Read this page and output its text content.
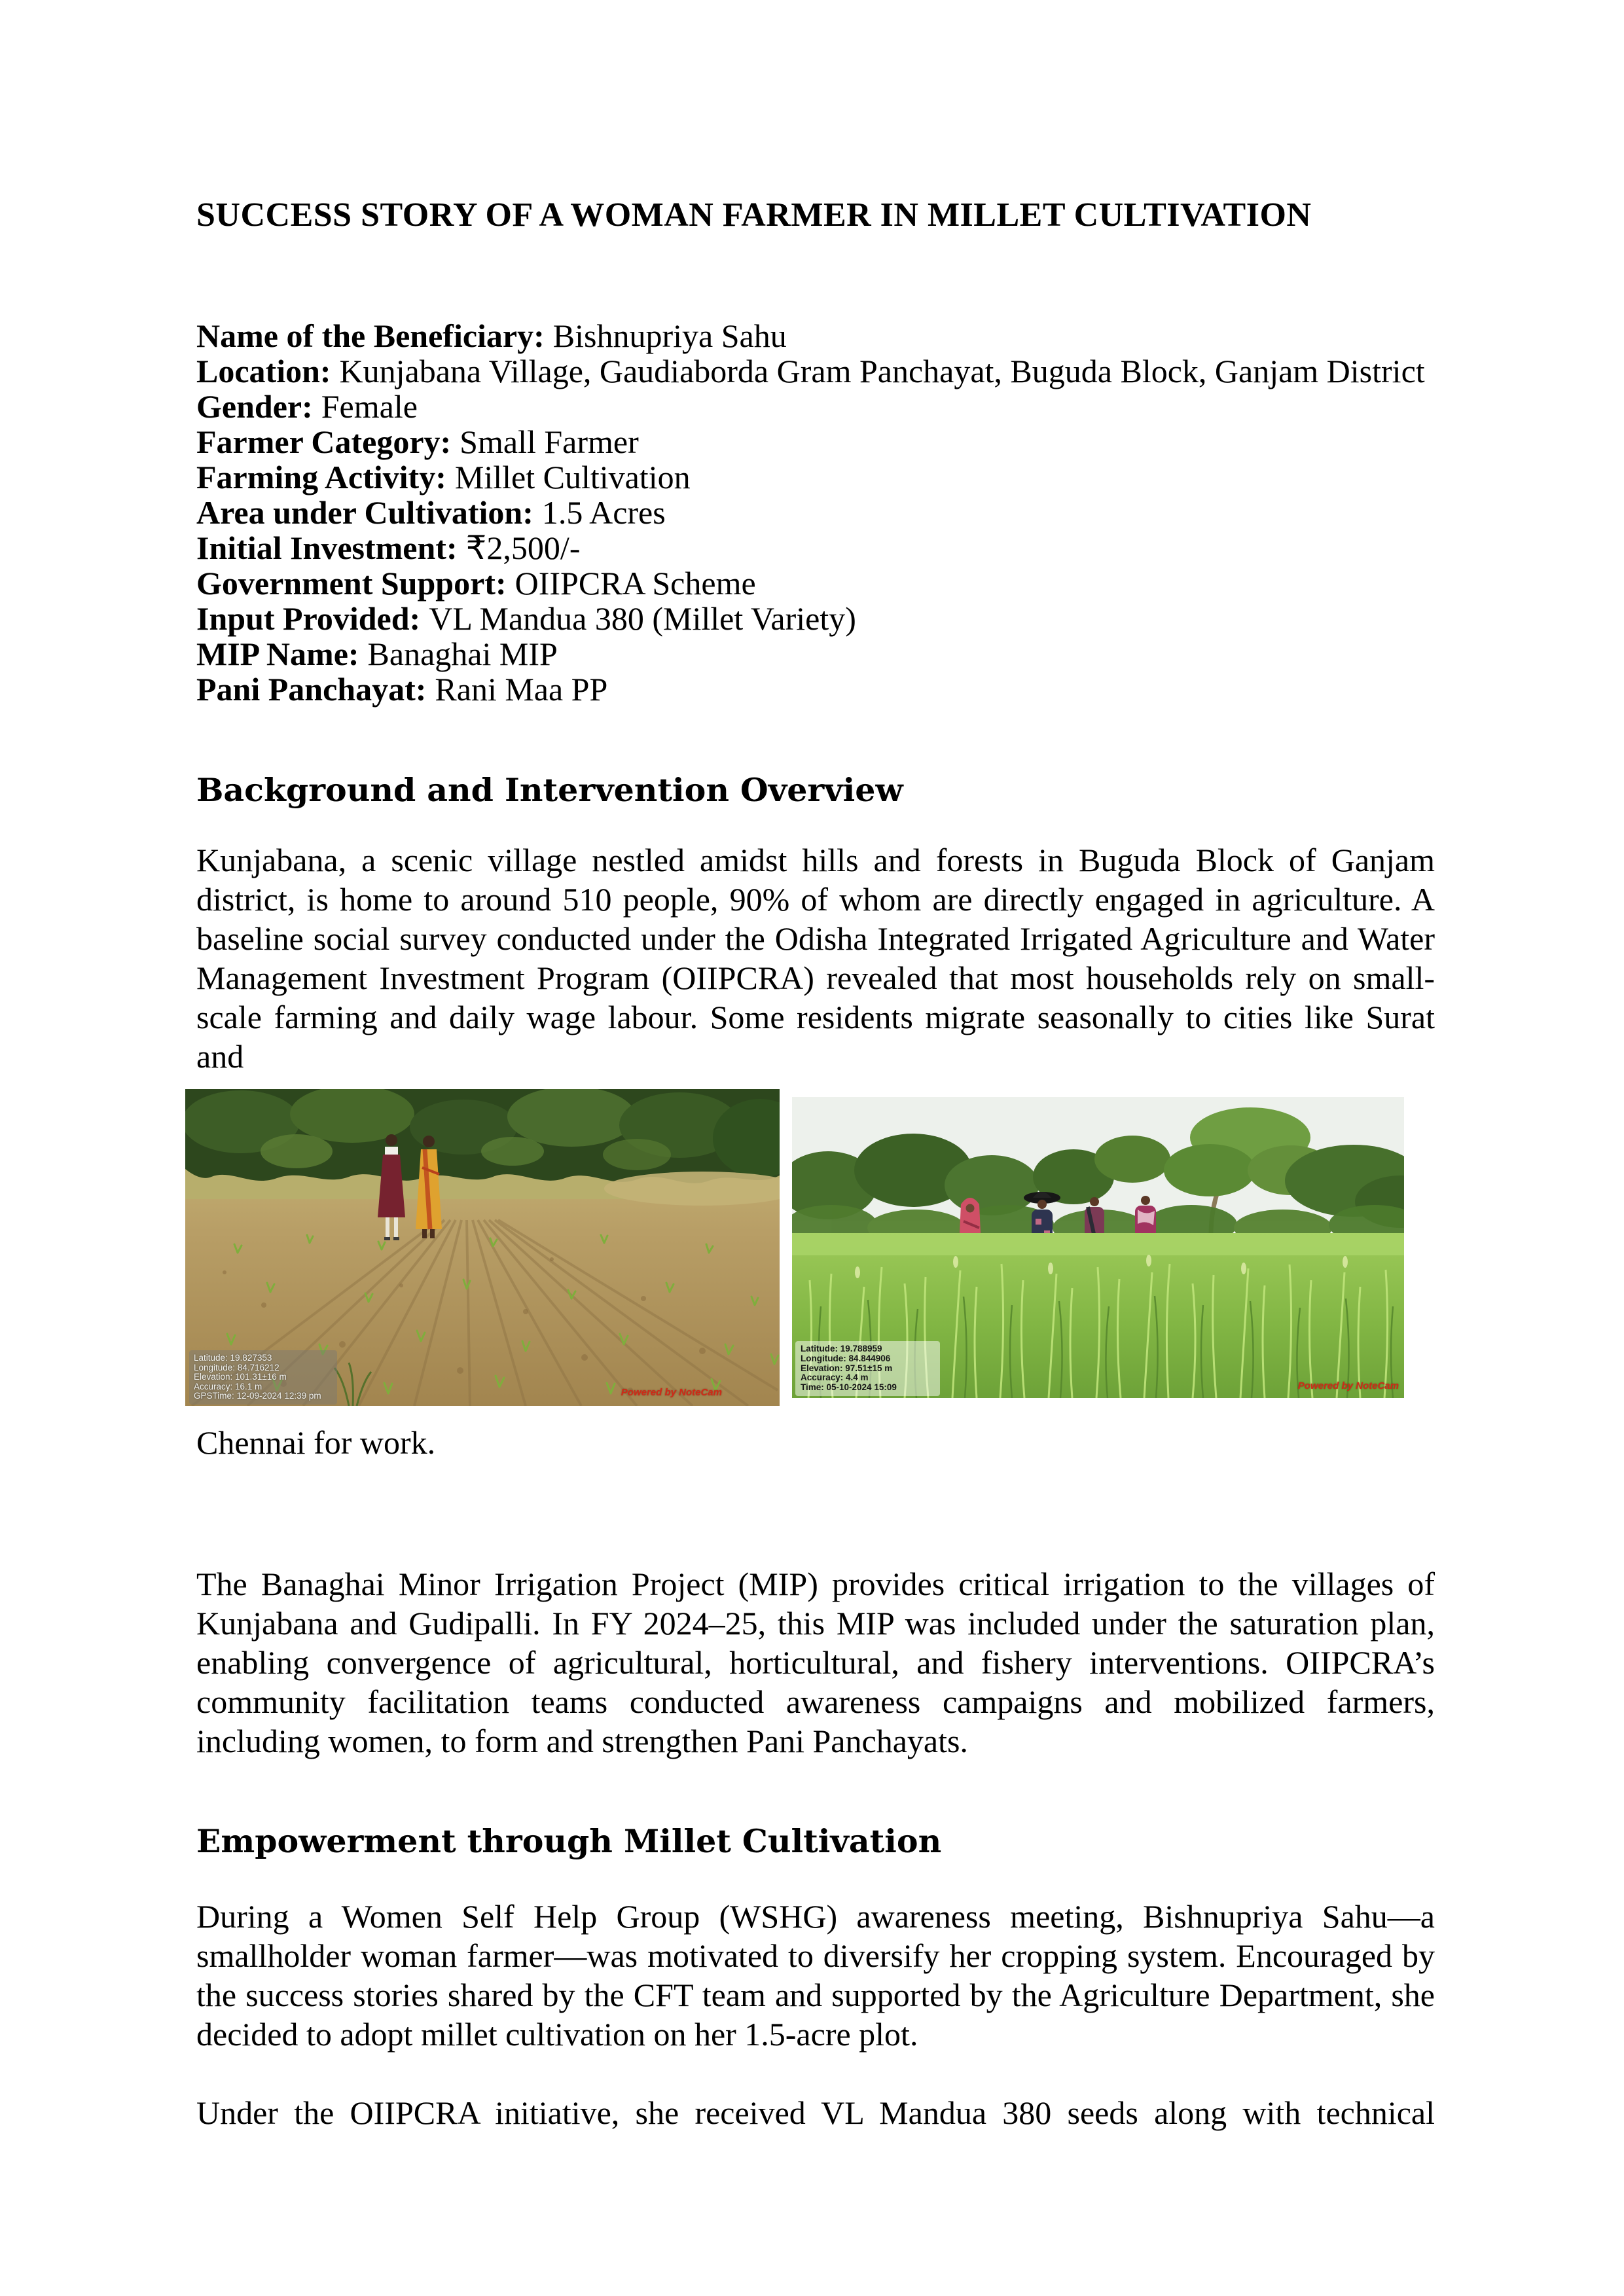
SUCCESS STORY OF A WOMAN FARMER IN MILLET CULTIVATION
Name of the Beneficiary: Bishnupriya Sahu
Location: Kunjabana Village, Gaudiaborda Gram Panchayat, Buguda Block, Ganjam District
Gender: Female
Farmer Category: Small Farmer
Farming Activity: Millet Cultivation
Area under Cultivation: 1.5 Acres
Initial Investment: ₹2,500/-
Government Support: OIIPCRA Scheme
Input Provided: VL Mandua 380 (Millet Variety)
MIP Name: Banaghai MIP
Pani Panchayat: Rani Maa PP
Background and Intervention Overview
Kunjabana, a scenic village nestled amidst hills and forests in Buguda Block of Ganjam district, is home to around 510 people, 90% of whom are directly engaged in agriculture. A baseline social survey conducted under the Odisha Integrated Irrigated Agriculture and Water Management Investment Program (OIIPCRA) revealed that most households rely on small-scale farming and daily wage labour. Some residents migrate seasonally to cities like Surat and
Latitude: 19.827353
Longitude: 84.716212
Elevation: 101.31±16 m
Accuracy: 16.1 m
GPSTime: 12-09-2024 12:39 pm	Powered by NoteCam

Latitude: 19.788959
Longitude: 84.844906
Elevation: 97.51±15 m
Accuracy: 4.4 m
Time: 05-10-2024 15:09	Powered by NoteCam
Chennai for work.
The Banaghai Minor Irrigation Project (MIP) provides critical irrigation to the villages of Kunjabana and Gudipalli. In FY 2024–25, this MIP was included under the saturation plan, enabling convergence of agricultural, horticultural, and fishery interventions. OIIPCRA’s community facilitation teams conducted awareness campaigns and mobilized farmers, including women, to form and strengthen Pani Panchayats.
Empowerment through Millet Cultivation
During a Women Self Help Group (WSHG) awareness meeting, Bishnupriya Sahu—a smallholder woman farmer—was motivated to diversify her cropping system. Encouraged by the success stories shared by the CFT team and supported by the Agriculture Department, she decided to adopt millet cultivation on her 1.5-acre plot.
Under the OIIPCRA initiative, she received VL Mandua 380 seeds along with technical
